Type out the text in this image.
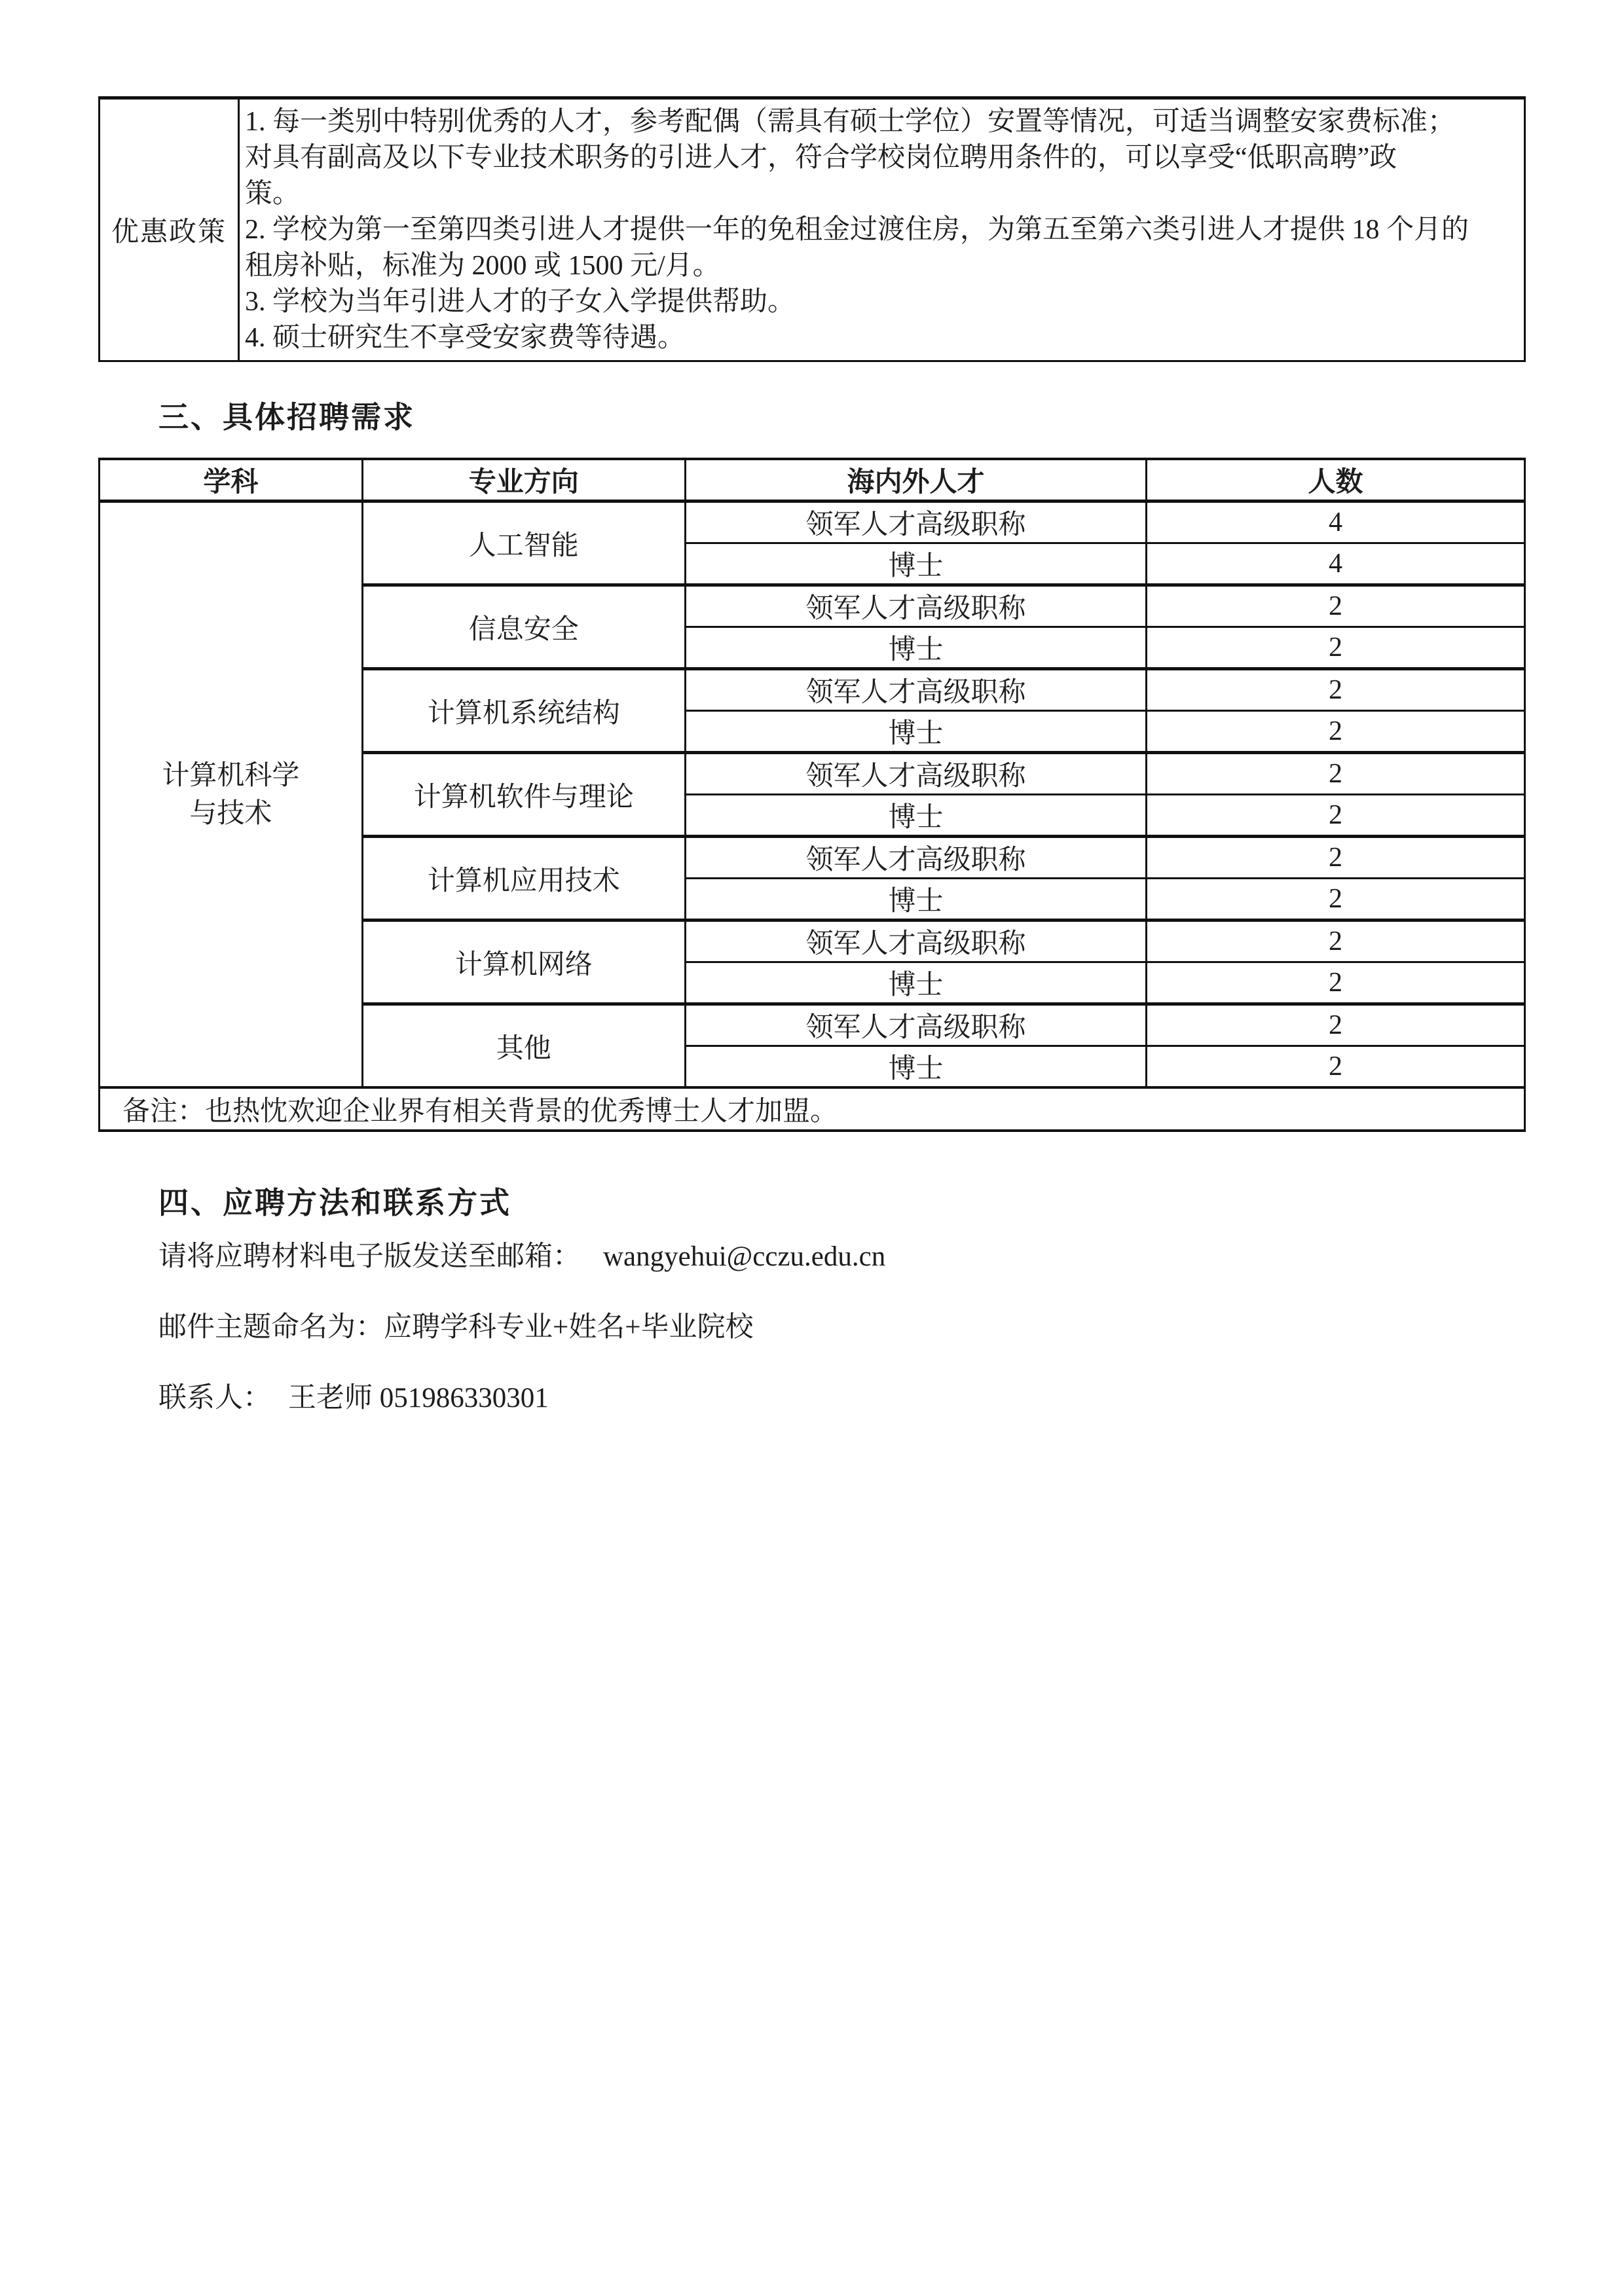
优惠政策
1. 每一类别中特别优秀的人才，参考配偶（需具有硕士学位）安置等情况，可适当调整安家费标准；
对具有副高及以下专业技术职务的引进人才，符合学校岗位聘用条件的，可以享受“低职高聘”政
策。
2. 学校为第一至第四类引进人才提供一年的免租金过渡住房，为第五至第六类引进人才提供 18 个月的
租房补贴，标准为 2000 或 1500 元/月。
3. 学校为当年引进人才的子女入学提供帮助。
4. 硕士研究生不享受安家费等待遇。
三、具体招聘需求
学科	专业方向	海内外人才	人数

计算机科学
与技术	人工智能	领军人才高级职称	4
		博士	4
	信息安全	领军人才高级职称	2
		博士	2
	计算机系统结构	领军人才高级职称	2
		博士	2
	计算机软件与理论	领军人才高级职称	2
		博士	2
	计算机应用技术	领军人才高级职称	2
		博士	2
	计算机网络	领军人才高级职称	2
		博士	2
	其他	领军人才高级职称	2
		博士	2
备注：也热忱欢迎企业界有相关背景的优秀博士人才加盟。			
四、应聘方法和联系方式

请将应聘材料电子版发送至邮箱： wangyehui@cczu.edu.cn

邮件主题命名为：应聘学科专业+姓名+毕业院校

联系人： 王老师 051986330301
